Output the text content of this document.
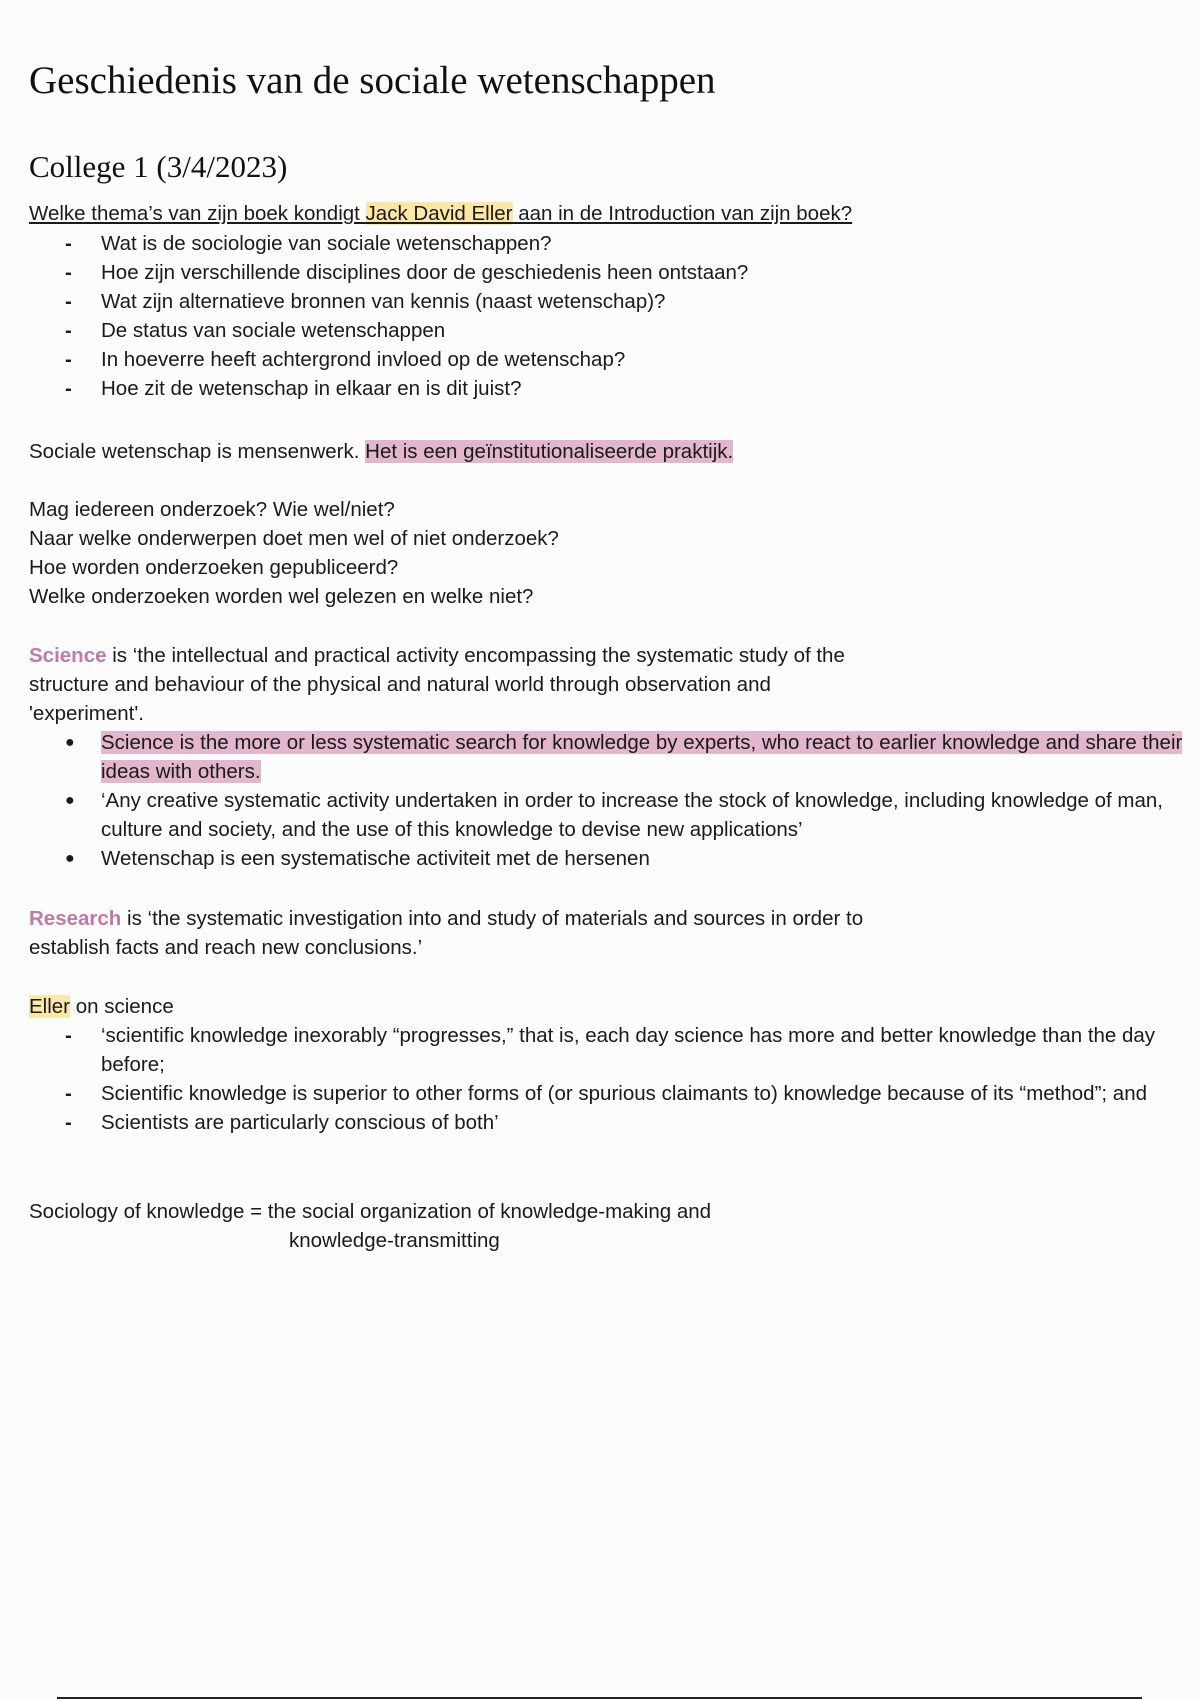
Geschiedenis van de sociale wetenschappen
College 1 (3/4/2023)
Welke thema’s van zijn boek kondigt Jack David Eller aan in de Introduction van zijn boek?
-	Wat is de sociologie van sociale wetenschappen?
-	Hoe zijn verschillende disciplines door de geschiedenis heen ontstaan?
-	Wat zijn alternatieve bronnen van kennis (naast wetenschap)?
-	De status van sociale wetenschappen
-	In hoeverre heeft achtergrond invloed op de wetenschap?
-	Hoe zit de wetenschap in elkaar en is dit juist?
Sociale wetenschap is mensenwerk. Het is een geïnstitutionaliseerde praktijk.
Mag iedereen onderzoek? Wie wel/niet?
Naar welke onderwerpen doet men wel of niet onderzoek?
Hoe worden onderzoeken gepubliceerd?
Welke onderzoeken worden wel gelezen en welke niet?
Science is ‘the intellectual and practical activity encompassing the systematic study of the
structure and behaviour of the physical and natural world through observation and
'experiment'.
●	Science is the more or less systematic search for knowledge by experts, who react to earlier knowledge and share their ideas with others.
●	‘Any creative systematic activity undertaken in order to increase the stock of knowledge, including knowledge of man, culture and society, and the use of this knowledge to devise new applications’
●	Wetenschap is een systematische activiteit met de hersenen
Research is ‘the systematic investigation into and study of materials and sources in order to
establish facts and reach new conclusions.’
Eller on science
-	‘scientific knowledge inexorably “progresses,” that is, each day science has more and better knowledge than the day before;
-	Scientific knowledge is superior to other forms of (or spurious claimants to) knowledge because of its “method”; and
-	Scientists are particularly conscious of both’
Sociology of knowledge = the social organization of knowledge-making and
knowledge-transmitting
